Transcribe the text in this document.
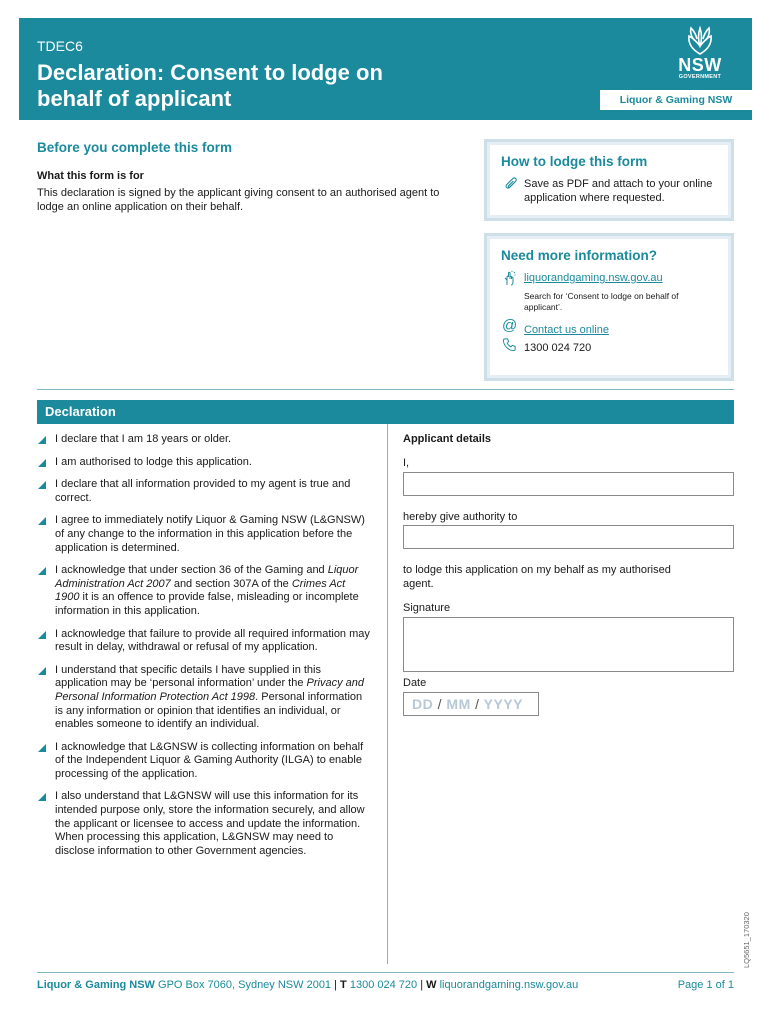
TDEC6
Declaration: Consent to lodge on behalf of applicant
NSW
GOVERNMENT
Liquor & Gaming NSW
Before you complete this form
What this form is for
This declaration is signed by the applicant giving consent to an authorised agent to lodge an online application on their behalf.
How to lodge this form
Save as PDF and attach to your online application where requested.
Need more information?
liquorandgaming.nsw.gov.au
Search for ‘Consent to lodge on behalf of applicant’.
@ Contact us online
1300 024 720
Declaration
I declare that I am 18 years or older.
I am authorised to lodge this application.
I declare that all information provided to my agent is true and correct.
I agree to immediately notify Liquor & Gaming NSW (L&GNSW) of any change to the information in this application before the application is determined.
I acknowledge that under section 36 of the Gaming and Liquor Administration Act 2007 and section 307A of the Crimes Act 1900 it is an offence to provide false, misleading or incomplete information in this application.
I acknowledge that failure to provide all required information may result in delay, withdrawal or refusal of my application.
I understand that specific details I have supplied in this application may be ‘personal information’ under the Privacy and Personal Information Protection Act 1998. Personal information is any information or opinion that identifies an individual, or enables someone to identify an individual.
I acknowledge that L&GNSW is collecting information on behalf of the Independent Liquor & Gaming Authority (ILGA) to enable processing of the application.
I also understand that L&GNSW will use this information for its intended purpose only, store the information securely, and allow the applicant or licensee to access and update the information. When processing this application, L&GNSW may need to disclose information to other Government agencies.
Applicant details
I,
hereby give authority to
to lodge this application on my behalf as my authorised agent.
Signature
Date
DD / MM / YYYY
LQ5651_170320
Liquor & Gaming NSW GPO Box 7060, Sydney NSW 2001 | T 1300 024 720 | W liquorandgaming.nsw.gov.au	Page 1 of 1
